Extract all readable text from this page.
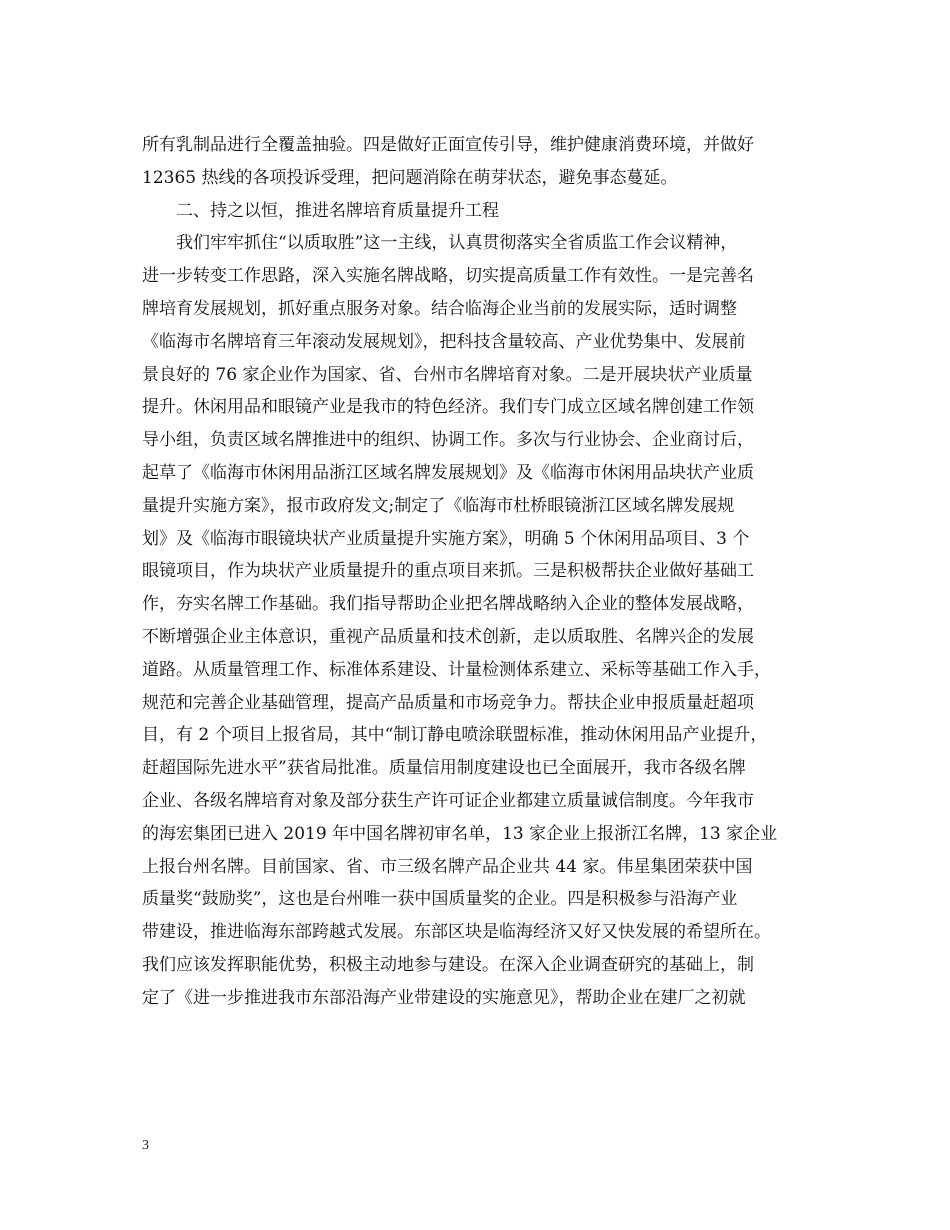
所有乳制品进行全覆盖抽验。四是做好正面宣传引导，维护健康消费环境，并做好
12365 热线的各项投诉受理，把问题消除在萌芽状态，避免事态蔓延。
二、持之以恒，推进名牌培育质量提升工程
我们牢牢抓住“以质取胜”这一主线，认真贯彻落实全省质监工作会议精神，
进一步转变工作思路，深入实施名牌战略，切实提高质量工作有效性。一是完善名
牌培育发展规划，抓好重点服务对象。结合临海企业当前的发展实际，适时调整
《临海市名牌培育三年滚动发展规划》，把科技含量较高、产业优势集中、发展前
景良好的 76 家企业作为国家、省、台州市名牌培育对象。二是开展块状产业质量
提升。休闲用品和眼镜产业是我市的特色经济。我们专门成立区域名牌创建工作领
导小组，负责区域名牌推进中的组织、协调工作。多次与行业协会、企业商讨后，
起草了《临海市休闲用品浙江区域名牌发展规划》及《临海市休闲用品块状产业质
量提升实施方案》，报市政府发文;制定了《临海市杜桥眼镜浙江区域名牌发展规
划》及《临海市眼镜块状产业质量提升实施方案》，明确 5 个休闲用品项目、3 个
眼镜项目，作为块状产业质量提升的重点项目来抓。三是积极帮扶企业做好基础工
作，夯实名牌工作基础。我们指导帮助企业把名牌战略纳入企业的整体发展战略，
不断增强企业主体意识，重视产品质量和技术创新，走以质取胜、名牌兴企的发展
道路。从质量管理工作、标准体系建设、计量检测体系建立、采标等基础工作入手，
规范和完善企业基础管理，提高产品质量和市场竞争力。帮扶企业申报质量赶超项
目，有 2 个项目上报省局，其中“制订静电喷涂联盟标准，推动休闲用品产业提升，
赶超国际先进水平”获省局批准。质量信用制度建设也已全面展开，我市各级名牌
企业、各级名牌培育对象及部分获生产许可证企业都建立质量诚信制度。今年我市
的海宏集团已进入 2019 年中国名牌初审名单，13 家企业上报浙江名牌，13 家企业
上报台州名牌。目前国家、省、市三级名牌产品企业共 44 家。伟星集团荣获中国
质量奖“鼓励奖”，这也是台州唯一获中国质量奖的企业。四是积极参与沿海产业
带建设，推进临海东部跨越式发展。东部区块是临海经济又好又快发展的希望所在。
我们应该发挥职能优势，积极主动地参与建设。在深入企业调查研究的基础上，制
定了《进一步推进我市东部沿海产业带建设的实施意见》，帮助企业在建厂之初就
3
